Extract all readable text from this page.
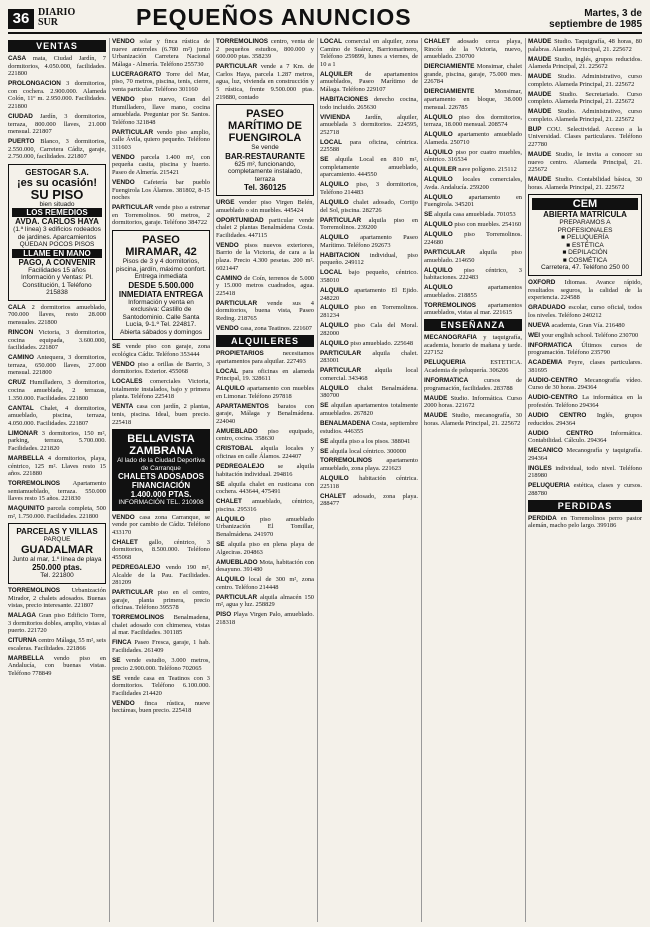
36 DIARIO
SUR	PEQUEÑOS ANUNCIOS	Martes, 3 de
septiembre de 1985
VENTAS

CASA mata, Ciudad Jardín, 7 dormitorios, 4.050.000, facilidades. 221800

PROLONGACION 3 dormitorios, con cochera. 2.900.000. Alameda Colón, 11º m. 2.950.000. Facilidades. 221800

CIUDAD Jardín, 3 dormitorios, terraza, 800.000 llaves, 21.000 mensual. 221807

PUERTO Blanco, 3 dormitorios, 2.550.000, Carretera Cádiz, garaje, 2.750.000, facilidades. 221807

GESTOGAR S.A.
¡es su ocasión!
SU PISO
bien situado
LOS REMEDIOS
AVDA. CARLOS HAYA
(1.ª línea) 3 edificios rodeados de jardines. Aparcamientos QUEDAN POCOS PISOS
LLAME EN MANO
PAGO, A CONVENIR
Facilidades 15 años
Información y Ventas: Pl. Constitución, 1 Teléfono 215838

CALA 2 dormitorios amueblado, 700.000 llaves, resto 28.000 mensuales. 221800

RINCON Victoria, 3 dormitorios, cocina equipada, 3.600.000, facilidades. 221807

CAMINO Antequera, 3 dormitorios, terraza, 650.000 llaves, 27.000 mensual. 221800

CRUZ Humilladero, 3 dormitorios, cocina amueblada, 2 terrazas, 1.350.000. Facilidades. 221800

CANTAL Chalet, 4 dormitorios, amueblado, piscina, terraza, 4.050.000. Facilidades. 221807

LIMONAR 3 dormitorios, 150 m², parking, terraza, 5.700.000. Facilidades. 221820

MARBELLA 4 dormitorios, playa, céntrico, 125 m². Llaves resto 15 años. 221880

TORREMOLINOS Apartamento semiamueblado, terraza. 550.000 llaves resto 15 años. 221830

MAQUINITO parcela completa, 500 m², 1.750.000. Facilidades. 221800

PARCELAS Y VILLAS
PARQUE
GUADALMAR
Junto al mar, 1.º línea de playa
250.000 ptas.
Tel. 221800

TORREMOLINOS Urbanización Mirador, 2 chalets adosados. Buenas vistas, precio interesante. 221807

MALAGA Gran piso Edificio Torre, 3 dormitorios dobles, amplio, vistas al puerto. 221720

CITURNA centro Málaga, 55 m², seis escaleras. Facilidades. 221866

MARBELLA vendo piso en Andalucía, con buenas vistas. Teléfono 778849

VENDO solar y finca rústica de nueve anterreles (6.780 m²) junto Urbanización Carretera Nacional Málaga - Almería. Teléfono 255730

LUCERAGRATO Torre del Mar, piso, 70 metros, piscina, tenis, cierre, venta particular. Teléfono 301160

VENDO piso nuevo, Gran del Humilladero, llave mano, cocina amueblada. Preguntar por Sr. Santos. Teléfono 321848

PARTICULAR vendo piso amplio, calle Ávila, quiero pequeño. Teléfono 311603

VENDO parcela 1.400 m², con pequeña casita, piscina y huerto. Paseo de Almería. 215421

VENDO Cafetería bar pueblo Fuengirola Los Álamos. 381802, 8-15 noches

PARTICULAR vende piso a estrenar en Torremolinos. 90 metros, 2 dormitorios, garaje. Teléfono 384722

PASEO MIRAMAR, 42
Pisos de 3 y 4 dormitorios, piscina, jardín, máximo confort. Entrega inmediata
DESDE 5.500.000
INMEDIATA ENTREGA
Información y venta en exclusiva: Castillo de Santodominio. Calle Santa Lucía, 9-1.º Tel. 224817. Abierta sábados y domingos

SE vende piso con garaje, zona ecológica Cádiz. Teléfono 353444

VENDO piso a orillas de Barrio, 3 dormitorios. Exterior. 455068

LOCALES comerciales Victoria, totalmente instalados, bajo y primera planta. Teléfono 225418

VENTA casa con jardín, 2 plantas, tenis, piscina. Ideal, buen precio. 225418

BELLAVISTA ZAMBRANA
Al lado de la Ciudad Deportiva de Carranque
CHALETS ADOSADOS
FINANCIACIÓN 1.400.000 PTAS.
INFORMACIÓN TEL. 210908

VENDO casa zona Carranque, se vende por cambio de Cádiz. Teléfono 433170

CHALET gallo, céntrico, 3 dormitorios, 8.500.000. Teléfono 455068

PEDREGALEJO vendo 190 m², Alcalde de la Pau. Facilidades. 281209

PARTICULAR piso en el centro, garaje, planta primera, precio oficinas. Teléfono 395578

TORREMOLINOS Benalmadena, chalet adosado con chimenea, vistas al mar. Facilidades. 301185

FINCA Paseo Fresca, garaje, 1 hab. Facilidades. 261409

SE vende estudio, 3.000 metros, precio 2.900.000. Teléfono 702065

SE vende casa en Teatinos con 3 dormitorios. Teléfono 6.100.000. Facilidades 214420

VENDO finca rústica, nueve hectáreas, buen precio. 225418

TORREMOLINOS centro, venta de 2 pequeños estudios, 800.000 y 600.000 ptas. 358239

PARTICULAR vende a 7 Km. de Carlos Haya, parcela 1.287 metros, agua, luz, vivienda en construcción y 5 rústica, frente 9.500.000 ptas. 219880, contado

PASEO MARÍTIMO DE FUENGIROLA
Se vende
BAR-RESTAURANTE
625 m², funcionando, completamente instalado, terraza
Tel. 360125

URGE vender piso Virgen Belén, amueblado o sin muebles. 445424

OPORTUNIDAD particular vende chalet 2 plantas Benalmádena Costa. Facilidades. 447115

VENDO pisos nuevos exteriores, Barrio de la Victoria, de cara a la plaza. Precio 4.300 pesetas. 200 m². 6021447

CAMINO de Coín, terrenos de 5.000 y 15.000 metros cuadrados, agua. 225418

PARTICULAR vende sus 4 dormitorios, buena vista, Paseo Reding. 218765

VENDO casa, zona Teatinos. 221607

ALQUILERES

PROPIETARIOS necesitamos apartamentos para alquilar. 227493

LOCAL para oficinas en alameda Principal, 19. 328611

ALQUILO apartamento con muebles en Limonar. Teléfono 297818

APARTAMENTOS baratos con garaje, Málaga y Benalmádena. 224040

AMUEBLADO piso equipado, centro, cocina. 358630

CRISTOBAL alquila locales y oficinas en calle Álamos. 224407

PEDREGALEJO se alquila habitación individual. 294816

SE alquila chalet en rusticana con cochera. 443644, 475491

CHALET amueblado, céntrico, piscina. 295316

ALQUILO piso amueblado Urbanización El Tomillar, Benalmádena. 241970

SE alquila piso en plena playa de Algeciras. 204863

AMUEBLADO Mota, habitación con desayuno. 391480

ALQUILO local de 300 m², zona centro. Teléfono 214448

PARTICULAR alquila almacén 150 m², agua y luz. 258829

PISO Playa Virgen Palo, amueblado. 218318

LOCAL comercial en alquiler, zona Camino de Suárez, Barriomarinero, Teléfono 259899, lunes a viernes, de 10 a 1

ALQUILER de apartamentos amueblados, Paseo Marítimo de Málaga. Teléfono 229107

HABITACIONES derecho cocina, todo incluido. 265630

VIVIENDA Jardín, alquiler, amueblada 3 dormitorios. 224595, 252718

LOCAL para oficina, céntrica. 225588

SE alquila Local en 810 m², completamente amueblado, aparcamiento. 444550

ALQUILO piso, 3 dormitorios, Teléfono 214483

ALQUILO chalet adosado, Cortijo del Sol, piscina. 282726

PARTICULAR alquila piso en Torremolinos. 239200

ALQUILO apartamento Paseo Marítimo. Teléfono 292673

HABITACION individual, piso pequeño. 249112

LOCAL bajo pequeño, céntrico. 358010

ALQUILO apartamento El Ejido. 248220

ALQUILO piso en Torremolinos. 281234

ALQUILO piso Cala del Moral. 282000

ALQUILO piso amueblado. 225648

PARTICULAR alquila chalet. 283001

PARTICULAR alquila local comercial. 343468

ALQUILO chalet Benalmádena. 380700

SE alquilan apartamentos totalmente amueblados. 267820

BENALMADENA Costa, septiembre estudios. 446355

SE alquila piso a los pisos. 388041

SE alquila local céntrico. 300000

TORREMOLINOS apartamento amueblado, zona playa. 221623

ALQUILO habitación céntrica. 225118

CHALET adosado, zona playa. 288477

CHALET adosado cerca playa, Rincón de la Victoria, nuevo, amueblado. 230700

DIERCIAMIENTE Monsimar, chalet grande, piscina, garaje, 75.000 mes. 226784

DIERCIAMIENTE Monsimar, apartamento en bloque, 38.000 mensual. 226785

ALQUILO piso dos dormitorios, terraza, 18.000 mensual. 208574

ALQUILO apartamento amueblado Alameda. 250710

ALQUILO piso por cuatro muebles, céntrico. 316534

ALQUILER nave polígono. 215112

ALQUILO locales comerciales, Avda. Andalucía. 259200

ALQUILO apartamento en Fuengirola. 345201

SE alquila casa amueblada. 701053

ALQUILO piso con muebles. 254160

ALQUILO piso Torremolinos. 224680

PARTICULAR alquila piso amueblado. 214650

ALQUILO piso céntrico, 3 habitaciones. 222483

ALQUILO apartamentos amueblados. 218855

TORREMOLINOS apartamentos amueblados, vistas al mar. 221615

ENSEÑANZA

MECANOGRAFIA y taquigrafía, academia, horario de mañana y tarde. 227152

PELUQUERIA ESTETICA. Academia de peluquería. 306206

INFORMATICA cursos de programación, facilidades. 283788

MAUDE Studio. Informática. Curso 2000 horas. 221672

MAUDE Studio, mecanografía, 30 horas. Alameda Principal, 21. 225672

MAUDE Studio. Taquigrafía, 48 horas, 80 palabras. Alameda Principal, 21. 225672

MAUDE Studio, inglés, grupos reducidos. Alameda Principal, 21. 225672

MAUDE Studio. Administrativo, curso completo. Alameda Principal, 21. 225672

MAUDE Studio. Secretariado. Curso completo. Alameda Principal, 21. 225672

MAUDE Studio. Administrativo, curso completo. Alameda Principal, 21. 225672

BUP COU. Selectividad. Acceso a la Universidad. Clases particulares. Teléfono 227780

MAUDE Studio, le invita a conocer su nuevo centro. Alameda Principal, 21. 225672

MAUDE Studio. Contabilidad básica, 30 horas. Alameda Principal, 21. 225672

CEM
ABIERTA MATRÍCULA
PREPARAMOS A PROFESIONALES
■ PELUQUERÍA
■ ESTÉTICA
■ DEPILACIÓN
■ COSMÉTICA
Carretera, 47. Teléfono 250 00

OXFORD Idiomas. Avance rápido, resultados seguros, la calidad de la experiencia. 224588

GRADUADO escolar, curso oficial, todos los niveles. Teléfono 240212

NUEVA academia, Gran Vía. 216480

WEI your english school. Teléfono 230700

INFORMATICA Últimos cursos de programación. Teléfono 235790

ACADEMIA Peyre, clases particulares. 381695

AUDIO-CENTRO Mecanografía vídeo. Curso de 30 horas. 294364

AUDIO-CENTRO La informática en la profesión. Teléfono 294364

AUDIO CENTRO Inglés, grupos reducidos. 294364

AUDIO CENTRO Informática. Contabilidad. Cálculo. 294364

MECANICO Mecanografía y taquigrafía. 294364

INGLES individual, todo nivel. Teléfono 218980

PELUQUERIA estética, clases y cursos. 288780

PERDIDAS

PERDIDA en Torremolinos perro pastor alemán, macho pelo largo. 399186
